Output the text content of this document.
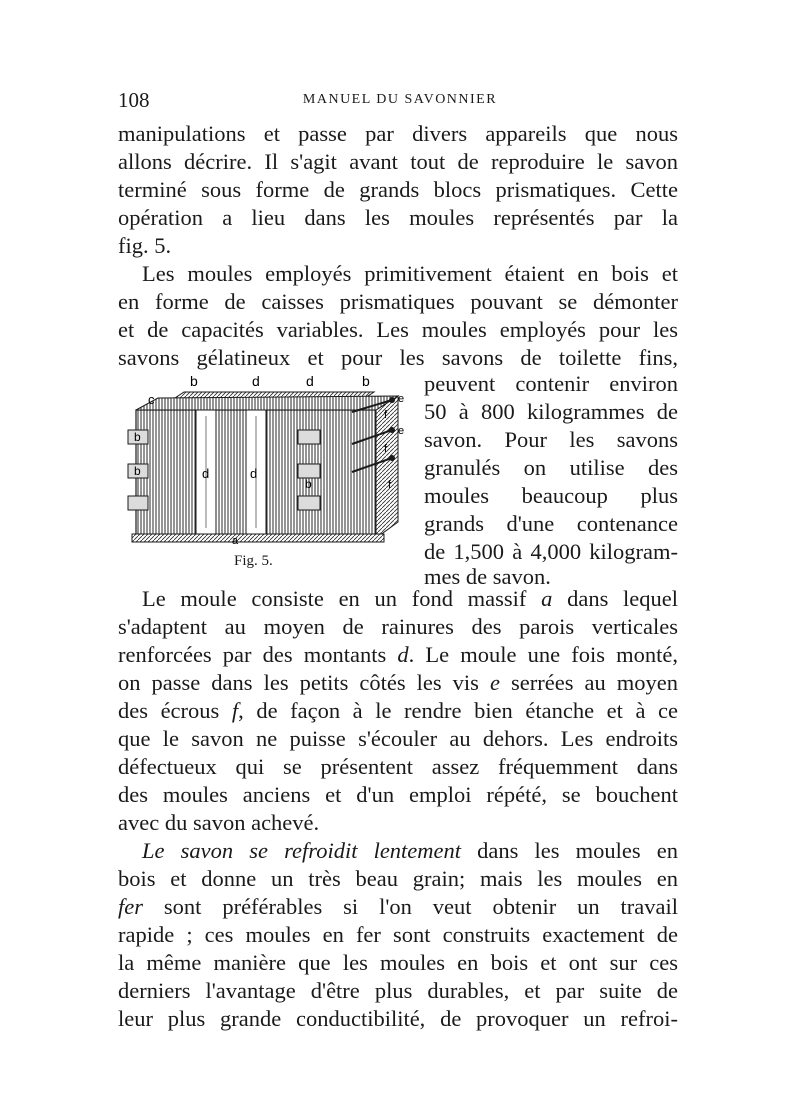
108	MANUEL DU SAVONNIER
manipulations et passe par divers appareils que nous
allons décrire. Il s'agit avant tout de reproduire le savon
terminé sous forme de grands blocs prismatiques. Cette
opération a lieu dans les moules représentés par la
fig. 5.
Les moules employés primitivement étaient en bois et
en forme de caisses prismatiques pouvant se démonter
et de capacités variables. Les moules employés pour les
savons gélatineux et pour les savons de toilette fins,
peuvent contenir environ
50 à 800 kilogrammes de
savon. Pour les savons
granulés on utilise des
moules beaucoup plus
grands d'une contenance
de 1,500 à 4,000 kilogram-
mes de savon.
b	d	d	b
c	e
f
e
f
f
b
b
b
d	d
a
Fig. 5.
Le moule consiste en un fond massif a dans lequel
s'adaptent au moyen de rainures des parois verticales
renforcées par des montants d. Le moule une fois monté,
on passe dans les petits côtés les vis e serrées au moyen
des écrous f, de façon à le rendre bien étanche et à ce
que le savon ne puisse s'écouler au dehors. Les endroits
défectueux qui se présentent assez fréquemment dans
des moules anciens et d'un emploi répété, se bouchent
avec du savon achevé.
Le savon se refroidit lentement dans les moules en
bois et donne un très beau grain; mais les moules en
fer sont préférables si l'on veut obtenir un travail
rapide ; ces moules en fer sont construits exactement de
la même manière que les moules en bois et ont sur ces
derniers l'avantage d'être plus durables, et par suite de
leur plus grande conductibilité, de provoquer un refroi-
